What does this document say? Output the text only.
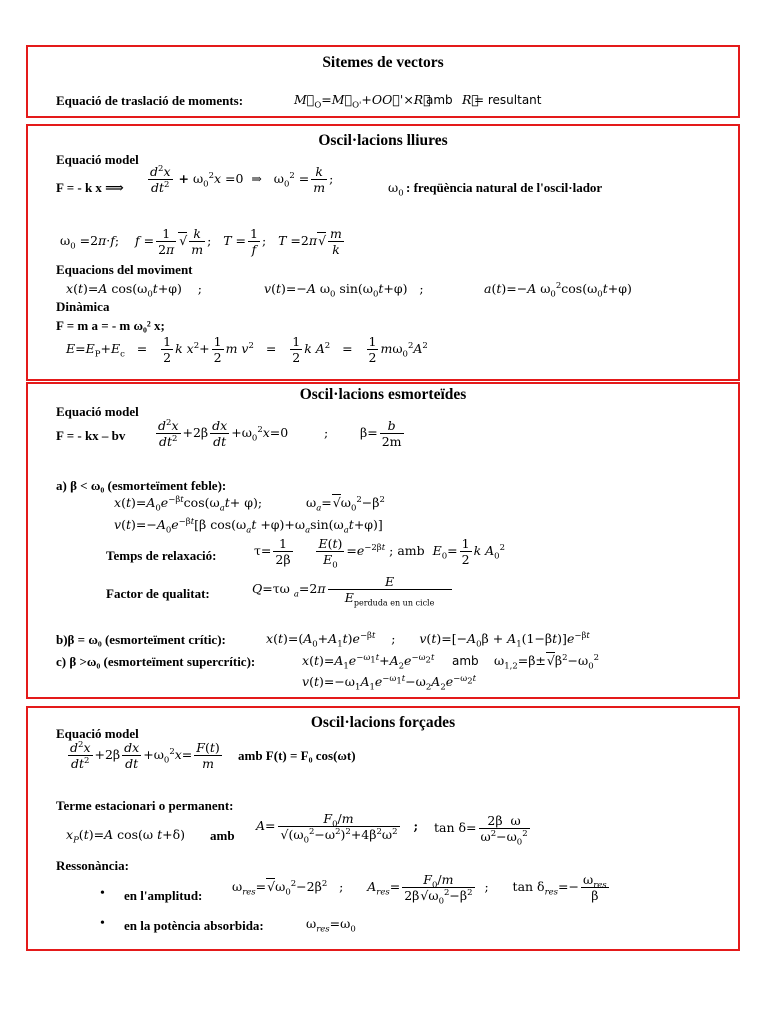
Sitemes de vectors
Equació de traslació de moments:	$M⃗_O=M⃗_{O'}+OO⃗'\times R⃗$
amb R⃗
= resultant
Oscil·lacions lliures
Equació model
F = - k x ⟹ $\frac{d^2x}{dt^2} + \omega_0^2x =0$  ⇒   $\omega_0^2 = \frac{k}{m}$ ;
$\omega_0$ : freqüència natural de l'oscil·lador
$\omega_0 =2\pi\cdot f$;    $f = \frac{1}{2\pi}$ √ $\frac{k}{m}$ ;   $T = \frac{1}{f}$ ;   $T =2\pi√ \frac{m}{k}$
Equacions del moviment
x(t)=A $\cos(\omega_0t+\varphi)$    ;	v(t)=−A $\omega_0$ $\sin(\omega_0t+\varphi)$   ;	a(t)=−A $\omega_0^2\cos(\omega_0t+\varphi)$
Dinàmica
F = m a = - m ω₀² x;
$E=E_P+E_c = \frac{1}{2}$ k $x^2+ \frac{1}{2}$ m $v^2 = \frac{1}{2}$ k $A^2 = \frac{1}{2} m\omega_0^2A^2$
Oscil·lacions esmorteïdes
Equació model
F = - kx – bv $\frac{d^2x}{dt^2} +2\beta \frac{dx}{dt} +\omega_0^2x=0$         ;        $\beta= \frac{b}{2m}$
a) β < ω₀ (esmorteïment feble):
$x(t)=A_0e^{-\beta t}\cos(\omega_at+ \varphi)$;	$\omega_a=√\omega_0^2-\beta^2$
$v(t)=-A_0e^{-\beta t}[\beta$ $\cos(\omega_at +\varphi)+\omega_a\sin(\omega_at+\varphi)$]
Temps de relaxació:	$\tau= \frac{1}{2\beta}$
$\frac{E(t)}{E_0} =e^{-2\beta t}$ ; amb  $E_0= \frac{1}{2}$ k $A_0^2$
Factor de qualitat:	Q=τω $_a$=2π	E
$E_{perduda en un cicle}$
b)β = ω₀ (esmorteïment crític):	$x(t)=(A_0+A_1t)e^{-\beta t}$    ;      $v(t)=[-A_0\beta + A_1(1-\beta t)]e^{-\beta t}$
c) β >ω₀ (esmorteïment supercrític):	$x(t)=A_1e^{-\omega_1t}+A_2e^{-\omega_2t}$ amb $\omega_{1,2}=\beta\pm√\beta^2-\omega_0^2$
$v(t)=-\omega_1A_1e^{-\omega_1t}-\omega_2A_2e^{-\omega_2t}$
Oscil·lacions forçades
Equació model
$\frac{d^2x}{dt^2} +2\beta \frac{dx}{dt} +\omega_0^2x= \frac{F(t)}{m}$ amb F(t) = F₀ cos(ωt)
Terme estacionari o permanent:
$x_P(t)=A$ cos(ω t+δ) amb
$A= \frac{F_0/m}{√(\omega_0^2-\omega^2)^2+4\beta^2\omega^2}$ ; $\tan \delta= \frac{\text{2β  ω}}{\omega^2-\omega_0^2}$
Ressonància:
• en l'amplitud:
$\omega_{res}=√\omega_0^2-2\beta^2$   ;      $A_{res}= \frac{F_0/m}{2\beta√\omega_0^2-\beta^2}$ ;      $\tan \delta_{res}=- \omega_{res}$
β
• en la potència absorbida:	$\omega_{res}=\omega_0$
